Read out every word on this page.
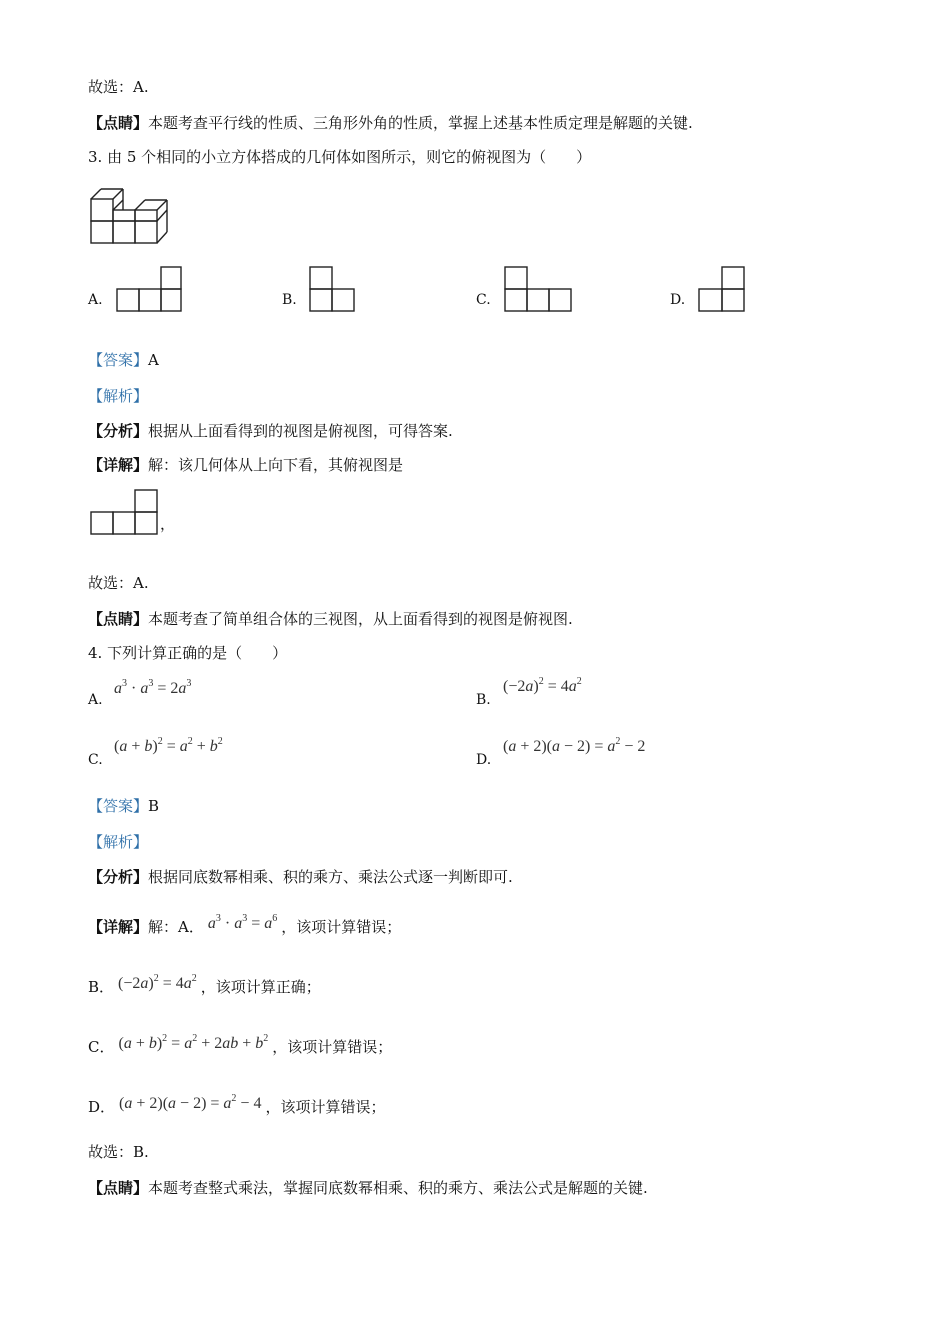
故选：A.
【点睛】本题考查平行线的性质、三角形外角的性质，掌握上述基本性质定理是解题的关键.
3. 由 5 个相同的小立方体搭成的几何体如图所示，则它的俯视图为（　　）
A.	B.	C.	D.
【答案】A
【解析】
【分析】根据从上面看得到的视图是俯视图，可得答案.
【详解】解：该几何体从上向下看，其俯视图是
，
故选：A.
【点睛】本题考查了简单组合体的三视图，从上面看得到的视图是俯视图.
4. 下列计算正确的是（　　）
A.
$a^3 \cdot a^3 = 2a^3$
B.
$(-2a)^2 = 4a^2$
C.
$(a + b)^2 = a^2 + b^2$
D.
$(a + 2)(a - 2) = a^2 - 2$
【答案】B
【解析】
【分析】根据同底数幂相乘、积的乘方、乘法公式逐一判断即可.
【详解】解：A． $a^3 \cdot a^3 = a^6$ ，该项计算错误；
B． $(-2a)^2 = 4a^2$ ，该项计算正确；
C． $(a + b)^2 = a^2 + 2ab + b^2$ ，该项计算错误；
D． $(a + 2)(a - 2) = a^2 - 4$ ，该项计算错误；
故选：B.
【点睛】本题考查整式乘法，掌握同底数幂相乘、积的乘方、乘法公式是解题的关键.
